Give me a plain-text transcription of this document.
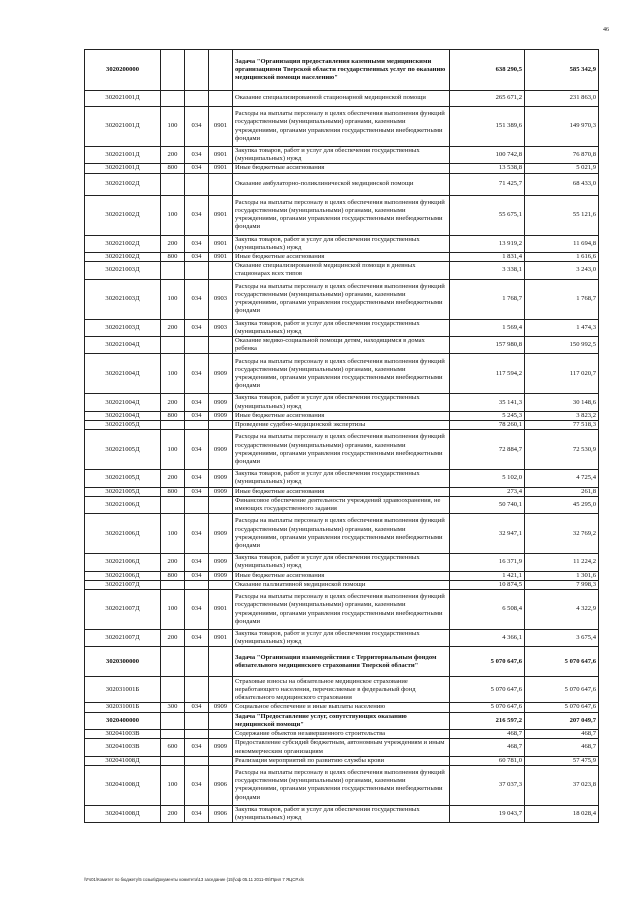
46
3020200000				Задача "Организация предоставления казенными медицинскими организациями Тверской области государственных услуг по оказанию медицинской помощи населению"	638 290,5	585 342,9
302021001Д				Оказание специализированной стационарной медицинской помощи	265 671,2	231 863,0
302021001Д	100	034	0901	Расходы на выплаты персоналу в целях обеспечения выполнения функций государственными (муниципальными) органами, казенными учреждениями, органами управления государственными внебюджетными фондами	151 389,6	149 970,3
302021001Д	200	034	0901	Закупка товаров, работ и услуг для обеспечения государственных (муниципальных) нужд	100 742,8	76 870,8
302021001Д	800	034	0901	Иные бюджетные ассигнования	13 538,8	5 021,9
302021002Д				Оказание амбулаторно-поликлинической медицинской помощи	71 425,7	68 433,0
302021002Д	100	034	0901	Расходы на выплаты персоналу в целях обеспечения выполнения функций государственными (муниципальными) органами, казенными учреждениями, органами управления государственными внебюджетными фондами	55 675,1	55 121,6
302021002Д	200	034	0901	Закупка товаров, работ и услуг для обеспечения государственных (муниципальных) нужд	13 919,2	11 694,8
302021002Д	800	034	0901	Иные бюджетные ассигнования	1 831,4	1 616,6
302021003Д				Оказание специализированной медицинской помощи в дневных стационарах всех типов	3 338,1	3 243,0
302021003Д	100	034	0903	Расходы на выплаты персоналу в целях обеспечения выполнения функций государственными (муниципальными) органами, казенными учреждениями, органами управления государственными внебюджетными фондами	1 768,7	1 768,7
302021003Д	200	034	0903	Закупка товаров, работ и услуг для обеспечения государственных (муниципальных) нужд	1 569,4	1 474,3
302021004Д				Оказание медико-социальной помощи детям, находящимся в домах ребенка	157 980,8	150 992,5
302021004Д	100	034	0909	Расходы на выплаты персоналу в целях обеспечения выполнения функций государственными (муниципальными) органами, казенными учреждениями, органами управления государственными внебюджетными фондами	117 594,2	117 020,7
302021004Д	200	034	0909	Закупка товаров, работ и услуг для обеспечения государственных (муниципальных) нужд	35 141,3	30 148,6
302021004Д	800	034	0909	Иные бюджетные ассигнования	5 245,3	3 823,2
302021005Д				Проведение судебно-медицинской экспертизы	78 260,1	77 518,3
302021005Д	100	034	0909	Расходы на выплаты персоналу в целях обеспечения выполнения функций государственными (муниципальными) органами, казенными учреждениями, органами управления государственными внебюджетными фондами	72 884,7	72 530,9
302021005Д	200	034	0909	Закупка товаров, работ и услуг для обеспечения государственных (муниципальных) нужд	5 102,0	4 725,4
302021005Д	800	034	0909	Иные бюджетные ассигнования	273,4	261,8
302021006Д				Финансовое обеспечение деятельности учреждений здравоохранения, не имеющих государственного задания	50 740,1	45 295,0
302021006Д	100	034	0909	Расходы на выплаты персоналу в целях обеспечения выполнения функций государственными (муниципальными) органами, казенными учреждениями, органами управления государственными внебюджетными фондами	32 947,1	32 769,2
302021006Д	200	034	0909	Закупка товаров, работ и услуг для обеспечения государственных (муниципальных) нужд	16 371,9	11 224,2
302021006Д	800	034	0909	Иные бюджетные ассигнования	1 421,1	1 301,6
302021007Д				Оказание паллиативной медицинской помощи	10 874,5	7 998,3
302021007Д	100	034	0901	Расходы на выплаты персоналу в целях обеспечения выполнения функций государственными (муниципальными) органами, казенными учреждениями, органами управления государственными внебюджетными фондами	6 508,4	4 322,9
302021007Д	200	034	0901	Закупка товаров, работ и услуг для обеспечения государственных (муниципальных) нужд	4 366,1	3 675,4
3020300000				Задача "Организация взаимодействия с Территориальным фондом обязательного медицинского страхования Тверской области"	5 070 647,6	5 070 647,6
302031001Б				Страховые взносы на обязательное медицинское страхование неработающего населения, перечисляемые в федеральный фонд обязательного медицинского страхования	5 070 647,6	5 070 647,6
302031001Б	300	034	0909	Социальное обеспечение и иные выплаты населению	5 070 647,6	5 070 647,6
3020400000				Задача "Предоставление услуг, сопутствующих оказанию медицинской помощи"	216 597,2	207 049,7
302041003В				Содержание объектов незавершенного строительства	468,7	468,7
302041003В	600	034	0909	Предоставление субсидий бюджетным, автономным учреждениям и иным некоммерческим организациям	468,7	468,7
302041008Д				Реализация мероприятий по развитию службы крови	60 781,0	57 475,9
302041008Д	100	034	0906	Расходы на выплаты персоналу в целях обеспечения выполнения функций государственными (муниципальными) органами, казенными учреждениями, органами управления государственными внебюджетными фондами	37 037,3	37 023,8
302041008Д	200	034	0906	Закупка товаров, работ и услуг для обеспечения государственных (муниципальных) нужд	19 043,7	18 028,4
\\Fs01\Комитет по бюджету\5 созыв\Документы комитета\13 заседание (15)\оф 05.11 2011-05\Прил 7 ЯЦСР.xls
